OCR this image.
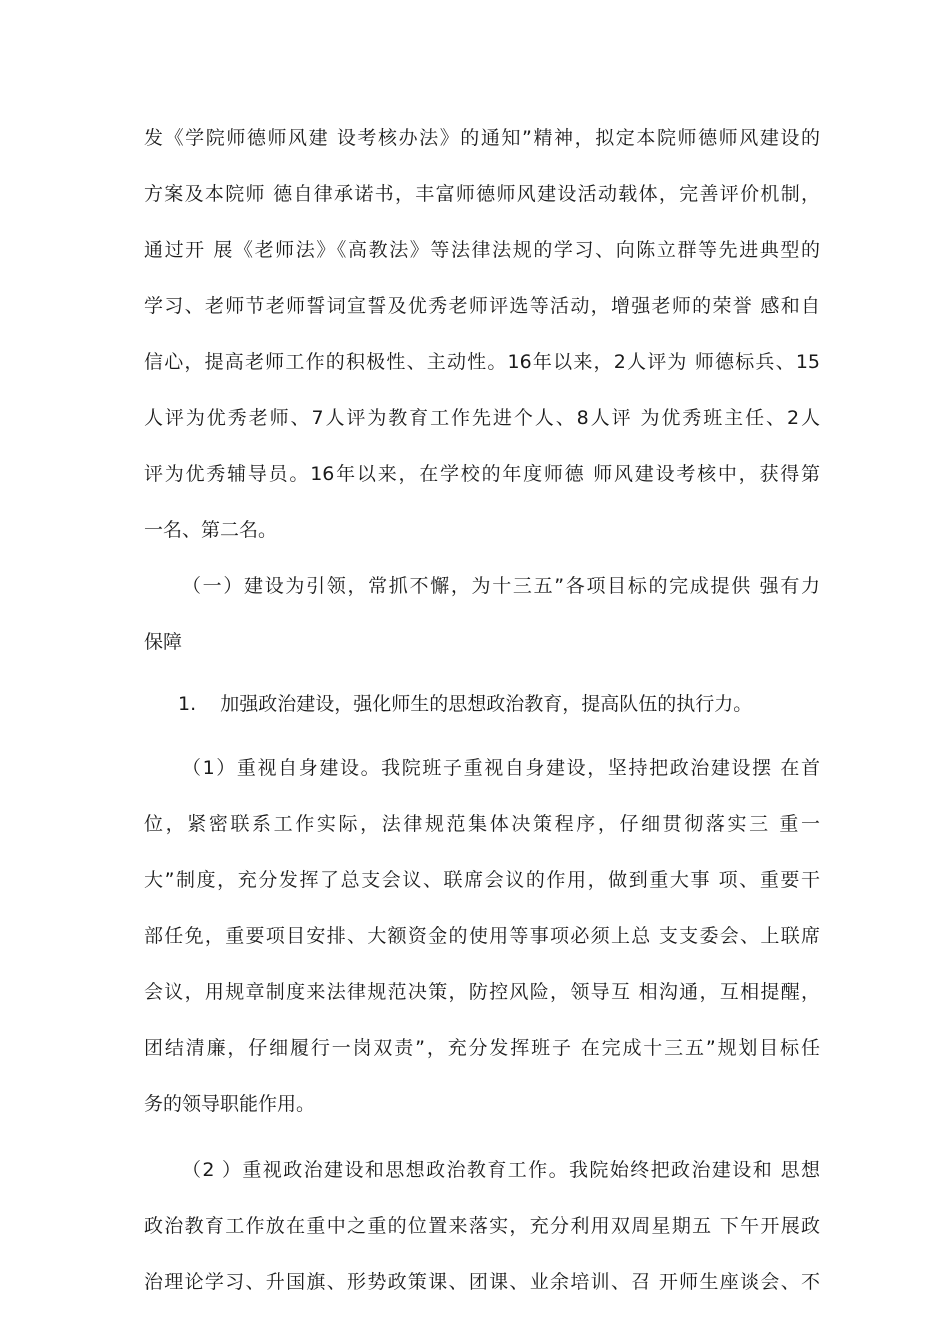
发《学院师德师风建 设考核办法》的通知”精神，拟定本院师德师风建设的
方案及本院师 德自律承诺书，丰富师德师风建设活动载体，完善评价机制，
通过开 展《老师法》《高教法》等法律法规的学习、向陈立群等先进典型的
学习、老师节老师誓词宣誓及优秀老师评选等活动，增强老师的荣誉 感和自
信心，提高老师工作的积极性、主动性。16年以来，2人评为 师德标兵、15
人评为优秀老师、7人评为教育工作先进个人、8人评 为优秀班主任、2人
评为优秀辅导员。16年以来，在学校的年度师德 师风建设考核中，获得第
一名、第二名。
（一）建设为引领，常抓不懈，为十三五”各项目标的完成提供 强有力
保障
1.    加强政治建设，强化师生的思想政治教育，提高队伍的执行力。
（1）重视自身建设。我院班子重视自身建设，坚持把政治建设摆 在首
位，紧密联系工作实际，法律规范集体决策程序，仔细贯彻落实三 重一
大”制度，充分发挥了总支会议、联席会议的作用，做到重大事 项、重要干
部任免，重要项目安排、大额资金的使用等事项必须上总 支支委会、上联席
会议，用规章制度来法律规范决策，防控风险，领导互 相沟通，互相提醒，
团结清廉，仔细履行一岗双责”，充分发挥班子 在完成十三五”规划目标任
务的领导职能作用。
（2 ）重视政治建设和思想政治教育工作。我院始终把政治建设和 思想
政治教育工作放在重中之重的位置来落实，充分利用双周星期五 下午开展政
治理论学习、升国旗、形势政策课、团课、业余培训、召 开师生座谈会、不
